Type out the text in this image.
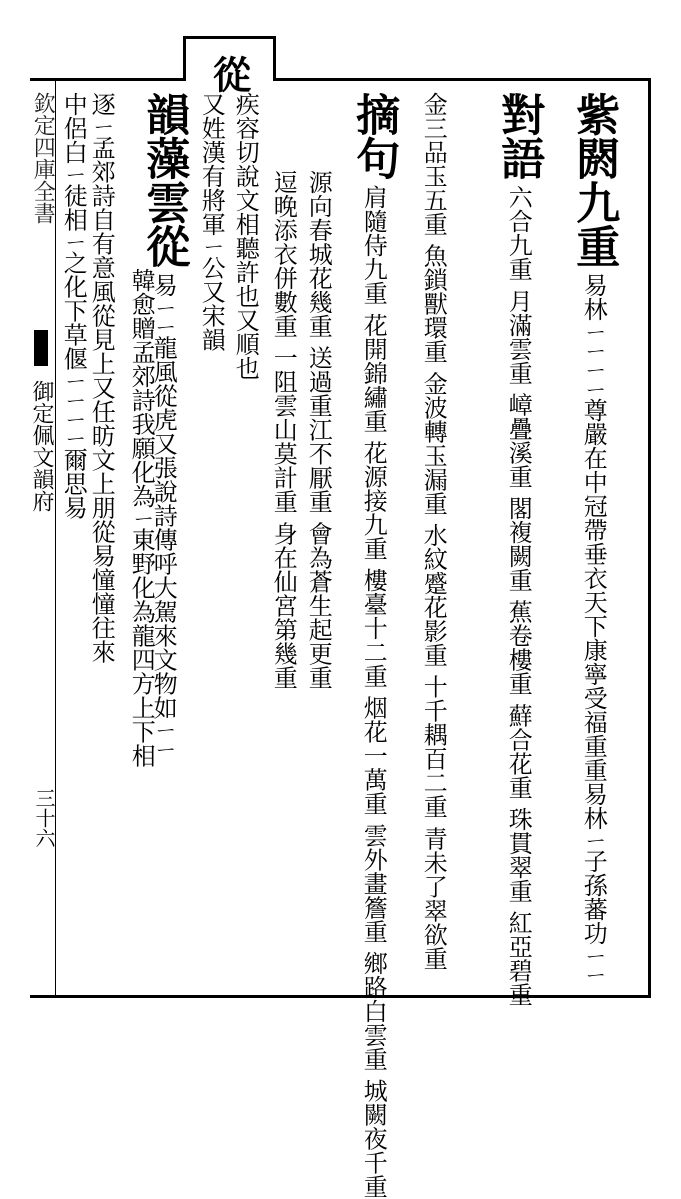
從
欽定四庫全書
御定佩文韻府
三十六
紫閼九重 易林ㄧㄧㄧㄧ尊嚴在中冠帶垂衣天下康寧受福重重易林ㄧ子孫蕃功ㄧㄧ
對語 六合九重 月滿雲重 嶂疊溪重 閣複闕重 蕉卷樓重 蘚合花重 珠貫翠重 紅亞碧重
金三品玉五重 魚鎖獸環重 金波轉玉漏重 水紋蹙花影重 十千耦百二重 青未了翠欲重
摘句 肩隨侍九重 花開錦繡重 花源接九重 樓臺十二重 烟花一萬重 雲外畫簷重 鄉路白雲重 城闕夜千重
源向春城花幾重 送過重江不厭重 會為蒼生起更重
逗晚添衣併數重 一阻雲山莫計重 身在仙宮第幾重
疾容切說文相聽許也又順也
又姓漢有將軍ㄧ公又宋韻
韻藻雲從 易ㄧㄧ龍風從虎又張說詩傳呼大駕來文物如ㄧㄧ
韓愈贈孟郊詩我願化為ㄧ東野化為龍四方上下相
逐ㄧ孟郊詩自有意風從見上又任昉文上朋從易憧憧往來
中侶白ㄧ徒相ㄧ之化下草偃ㄧㄧㄧㄧ爾思易
